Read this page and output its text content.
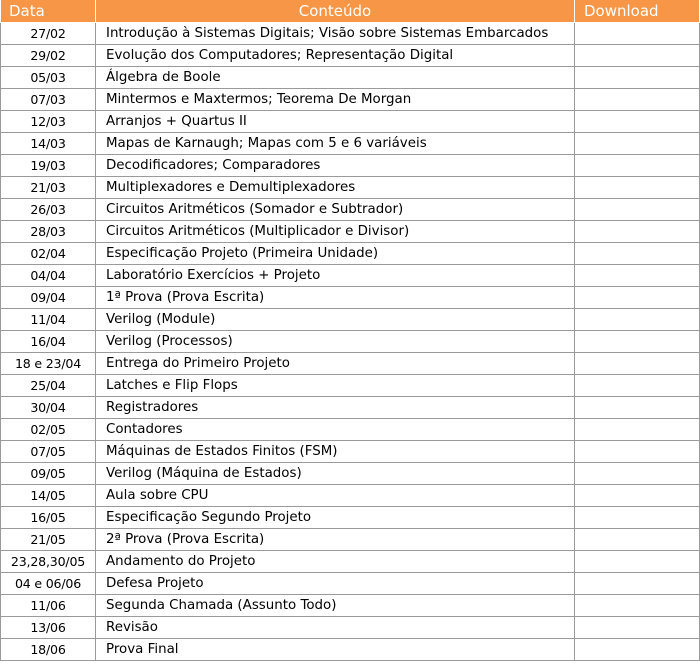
Data	Conteúdo	Download
27/02	Introdução à Sistemas Digitais; Visão sobre Sistemas Embarcados	
29/02	Evolução dos Computadores; Representação Digital	
05/03	Álgebra de Boole	
07/03	Mintermos e Maxtermos; Teorema De Morgan	
12/03	Arranjos + Quartus II	
14/03	Mapas de Karnaugh; Mapas com 5 e 6 variáveis	
19/03	Decodificadores; Comparadores	
21/03	Multiplexadores e Demultiplexadores	
26/03	Circuitos Aritméticos (Somador e Subtrador)	
28/03	Circuitos Aritméticos (Multiplicador e Divisor)	
02/04	Especificação Projeto (Primeira Unidade)	
04/04	Laboratório Exercícios + Projeto	
09/04	1ª Prova (Prova Escrita)	
11/04	Verilog (Module)	
16/04	Verilog (Processos)	
18 e 23/04	Entrega do Primeiro Projeto	
25/04	Latches e Flip Flops	
30/04	Registradores	
02/05	Contadores	
07/05	Máquinas de Estados Finitos (FSM)	
09/05	Verilog (Máquina de Estados)	
14/05	Aula sobre CPU	
16/05	Especificação Segundo Projeto	
21/05	2ª Prova (Prova Escrita)	
23,28,30/05	Andamento do Projeto	
04 e 06/06	Defesa Projeto	
11/06	Segunda Chamada (Assunto Todo)	
13/06	Revisão	
18/06	Prova Final	
